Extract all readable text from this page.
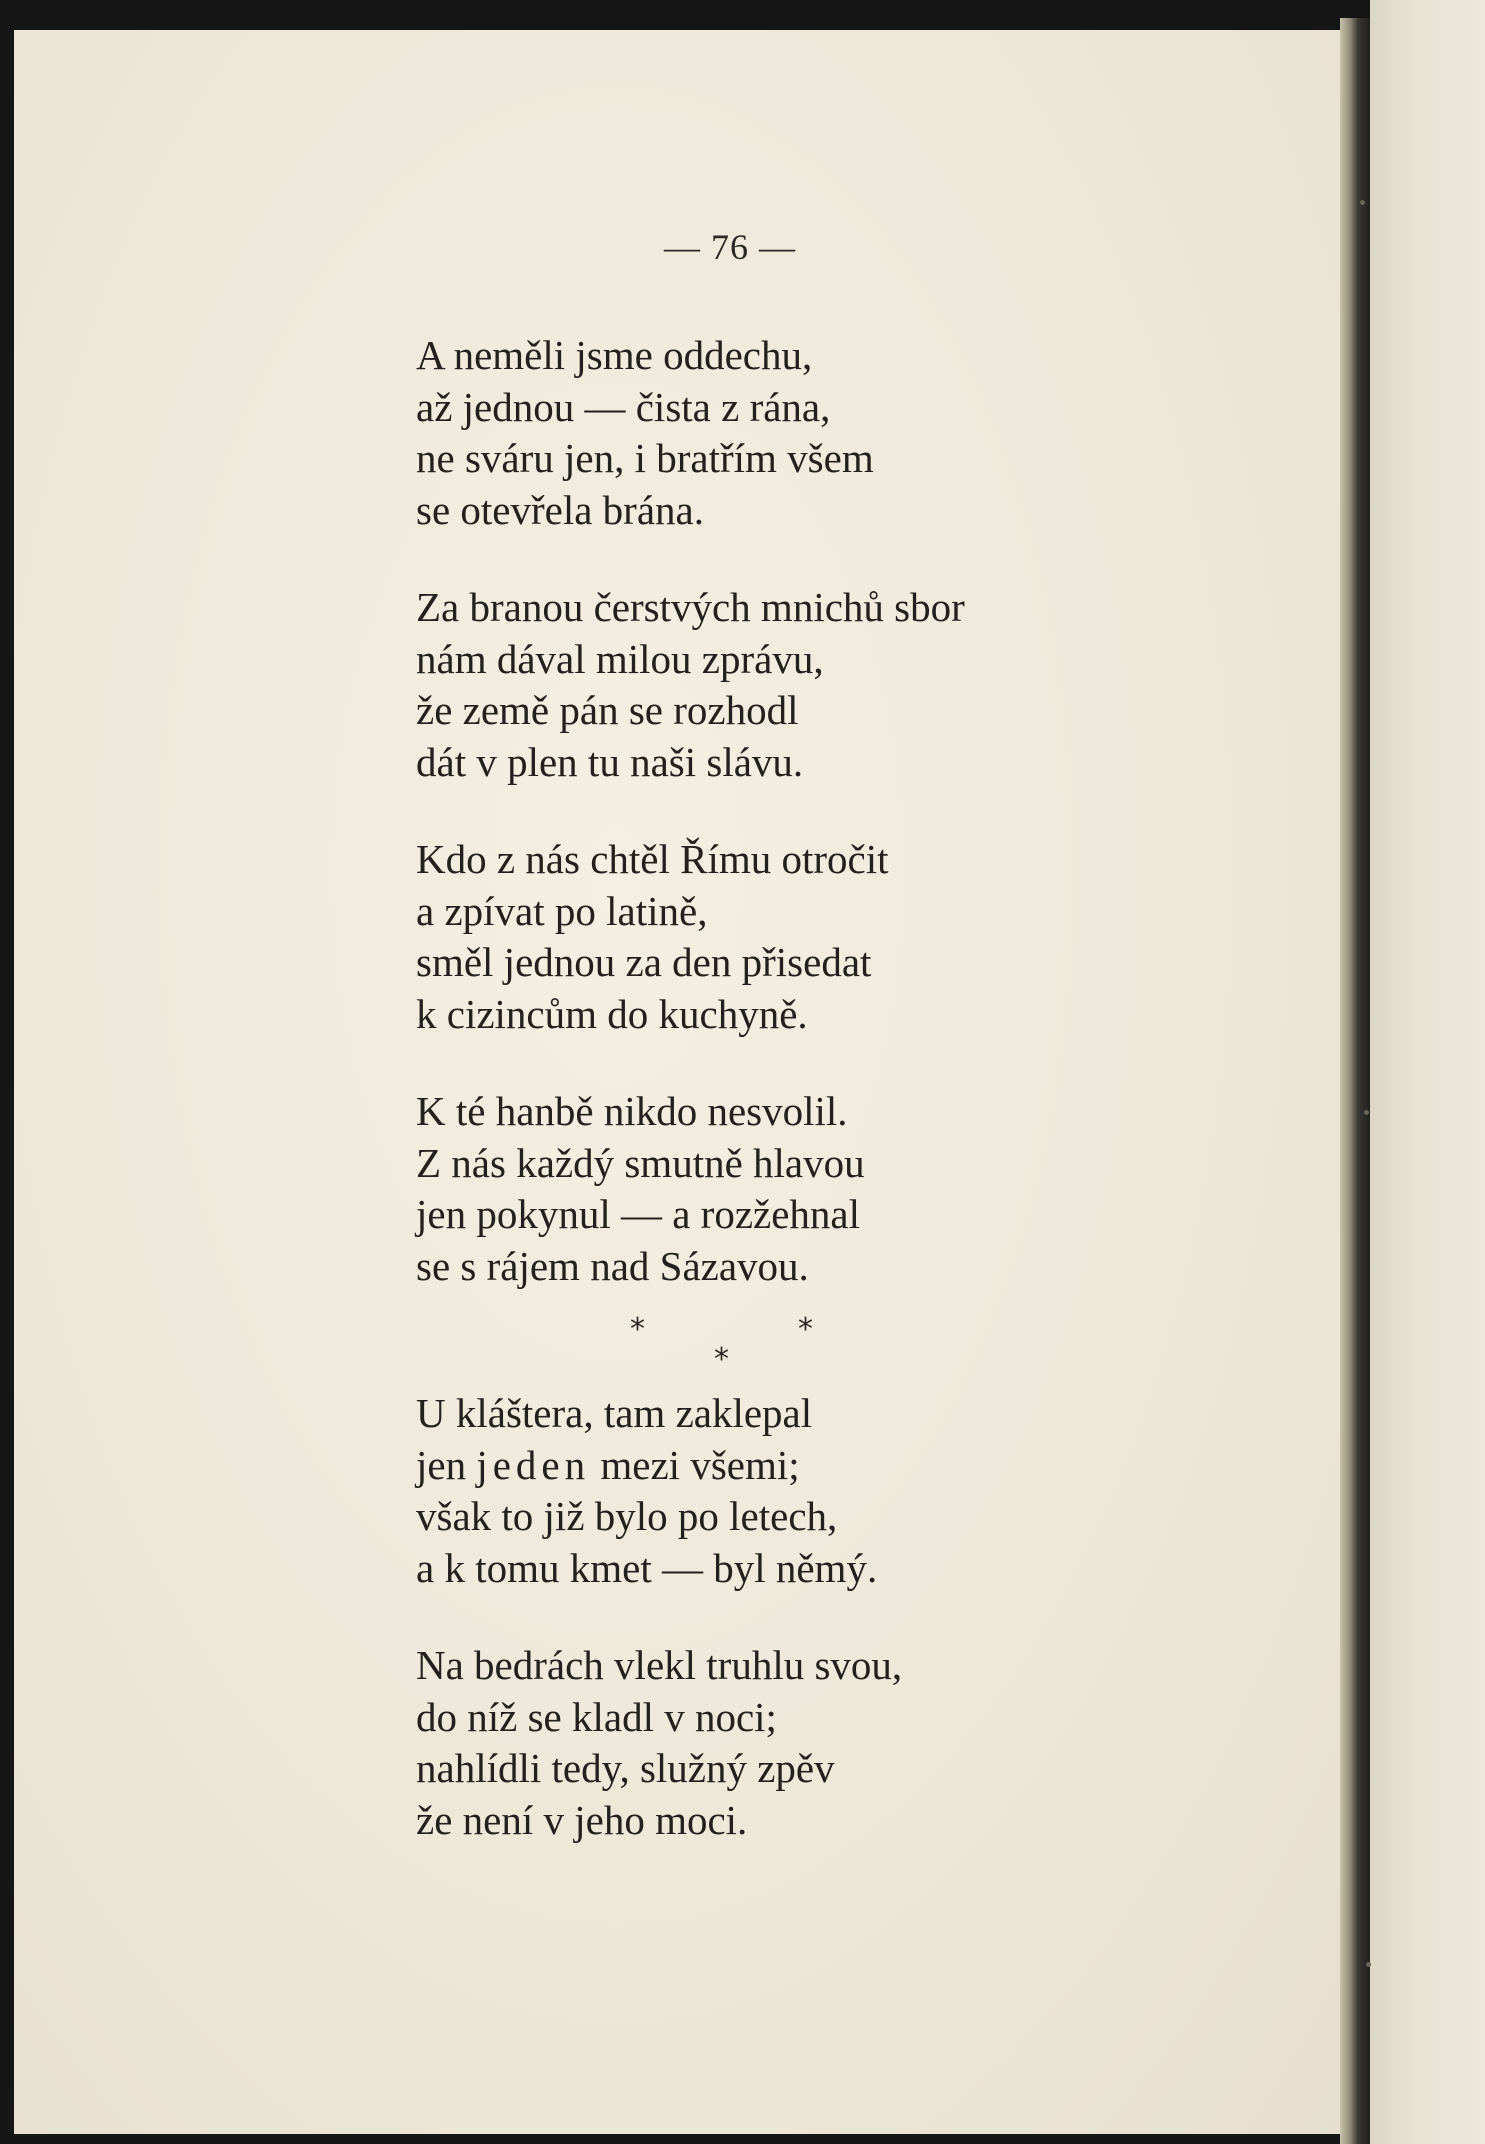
— 76 —
A neměli jsme oddechu,
až jednou — čista z rána,
ne sváru jen, i bratřím všem
se otevřela brána.
Za branou čerstvých mnichů sbor
nám dával milou zprávu,
že země pán se rozhodl
dát v plen tu naši slávu.
Kdo z nás chtěl Římu otročit
a zpívat po latině,
směl jednou za den přisedat
k cizincům do kuchyně.
K té hanbě nikdo nesvolil.
Z nás každý smutně hlavou
jen pokynul — a rozžehnal
se s rájem nad Sázavou.
*	*
*
U kláštera, tam zaklepal
jen jeden mezi všemi;
však to již bylo po letech,
a k tomu kmet — byl němý.
Na bedrách vlekl truhlu svou,
do níž se kladl v noci;
nahlídli tedy, služný zpěv
že není v jeho moci.
